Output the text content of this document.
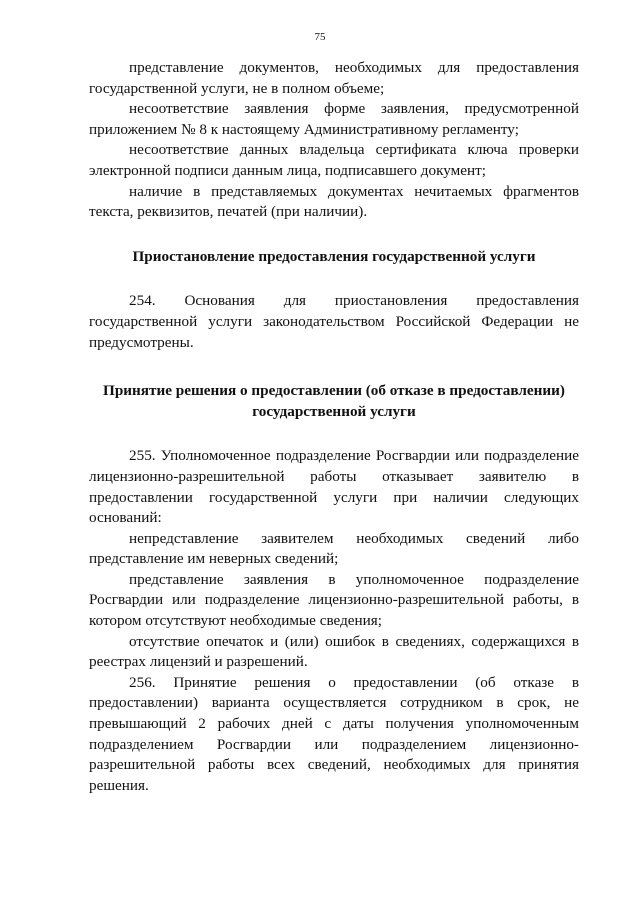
75

представление документов, необходимых для предоставления государственной услуги, не в полном объеме;

несоответствие заявления форме заявления, предусмотренной приложением № 8 к настоящему Административному регламенту;

несоответствие данных владельца сертификата ключа проверки электронной подписи данным лица, подписавшего документ;

наличие в представляемых документах нечитаемых фрагментов текста, реквизитов, печатей (при наличии).

Приостановление предоставления государственной услуги

254. Основания для приостановления предоставления государственной услуги законодательством Российской Федерации не предусмотрены.

Принятие решения о предоставлении (об отказе в предоставлении) государственной услуги

255. Уполномоченное подразделение Росгвардии или подразделение лицензионно-разрешительной работы отказывает заявителю в предоставлении государственной услуги при наличии следующих оснований:

непредставление заявителем необходимых сведений либо представление им неверных сведений;

представление заявления в уполномоченное подразделение Росгвардии или подразделение лицензионно-разрешительной работы, в котором отсутствуют необходимые сведения;

отсутствие опечаток и (или) ошибок в сведениях, содержащихся в реестрах лицензий и разрешений.

256. Принятие решения о предоставлении (об отказе в предоставлении) варианта осуществляется сотрудником в срок, не превышающий 2 рабочих дней с даты получения уполномоченным подразделением Росгвардии или подразделением лицензионно-разрешительной работы всех сведений, необходимых для принятия решения.
